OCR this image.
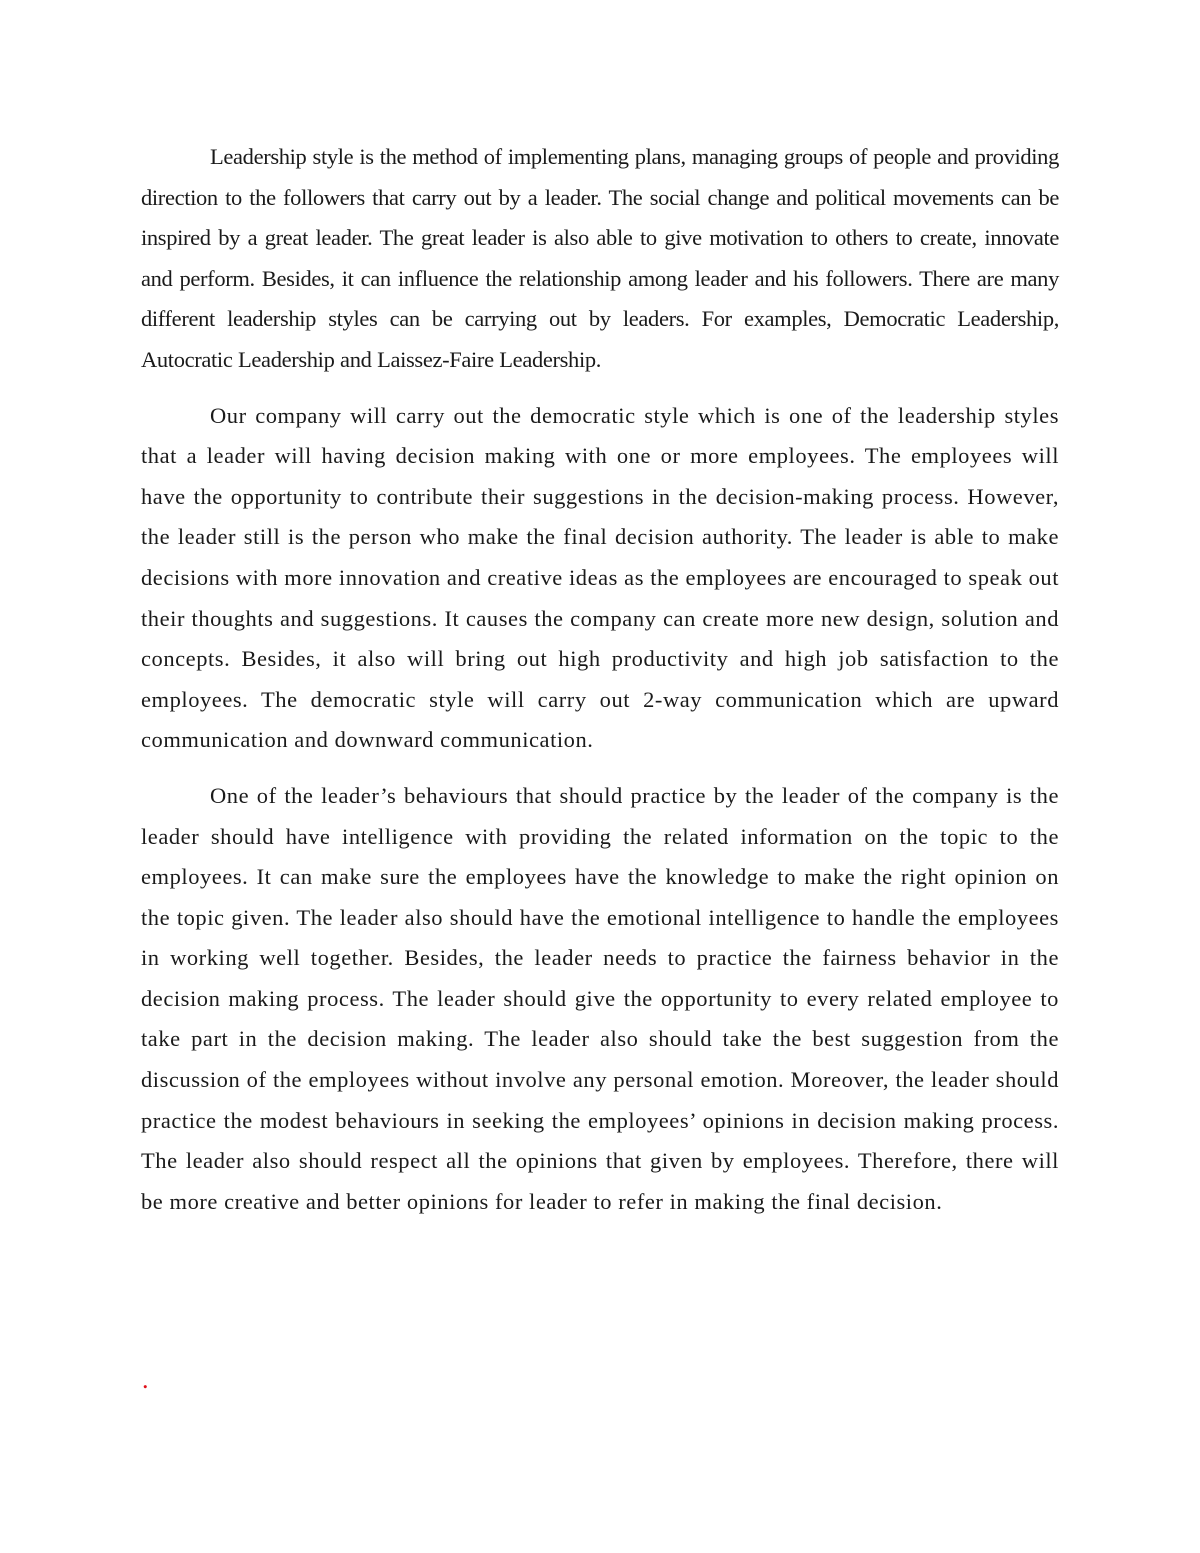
Leadership style is the method of implementing plans, managing groups of people and providing direction to the followers that carry out by a leader. The social change and political movements can be inspired by a great leader. The great leader is also able to give motivation to others to create, innovate and perform. Besides, it can influence the relationship among leader and his followers. There are many different leadership styles can be carrying out by leaders. For examples, Democratic Leadership, Autocratic Leadership and Laissez-Faire Leadership.

Our company will carry out the democratic style which is one of the leadership styles that a leader will having decision making with one or more employees. The employees will have the opportunity to contribute their suggestions in the decision-making process. However, the leader still is the person who make the final decision authority. The leader is able to make decisions with more innovation and creative ideas as the employees are encouraged to speak out their thoughts and suggestions. It causes the company can create more new design, solution and concepts. Besides, it also will bring out high productivity and high job satisfaction to the employees. The democratic style will carry out 2-way communication which are upward communication and downward communication.

One of the leader’s behaviours that should practice by the leader of the company is the leader should have intelligence with providing the related information on the topic to the employees. It can make sure the employees have the knowledge to make the right opinion on the topic given. The leader also should have the emotional intelligence to handle the employees in working well together. Besides, the leader needs to practice the fairness behavior in the decision making process. The leader should give the opportunity to every related employee to take part in the decision making. The leader also should take the best suggestion from the discussion of the employees without involve any personal emotion. Moreover, the leader should practice the modest behaviours in seeking the employees’ opinions in decision making process. The leader also should respect all the opinions that given by employees. Therefore, there will be more creative and better opinions for leader to refer in making the final decision.

.
